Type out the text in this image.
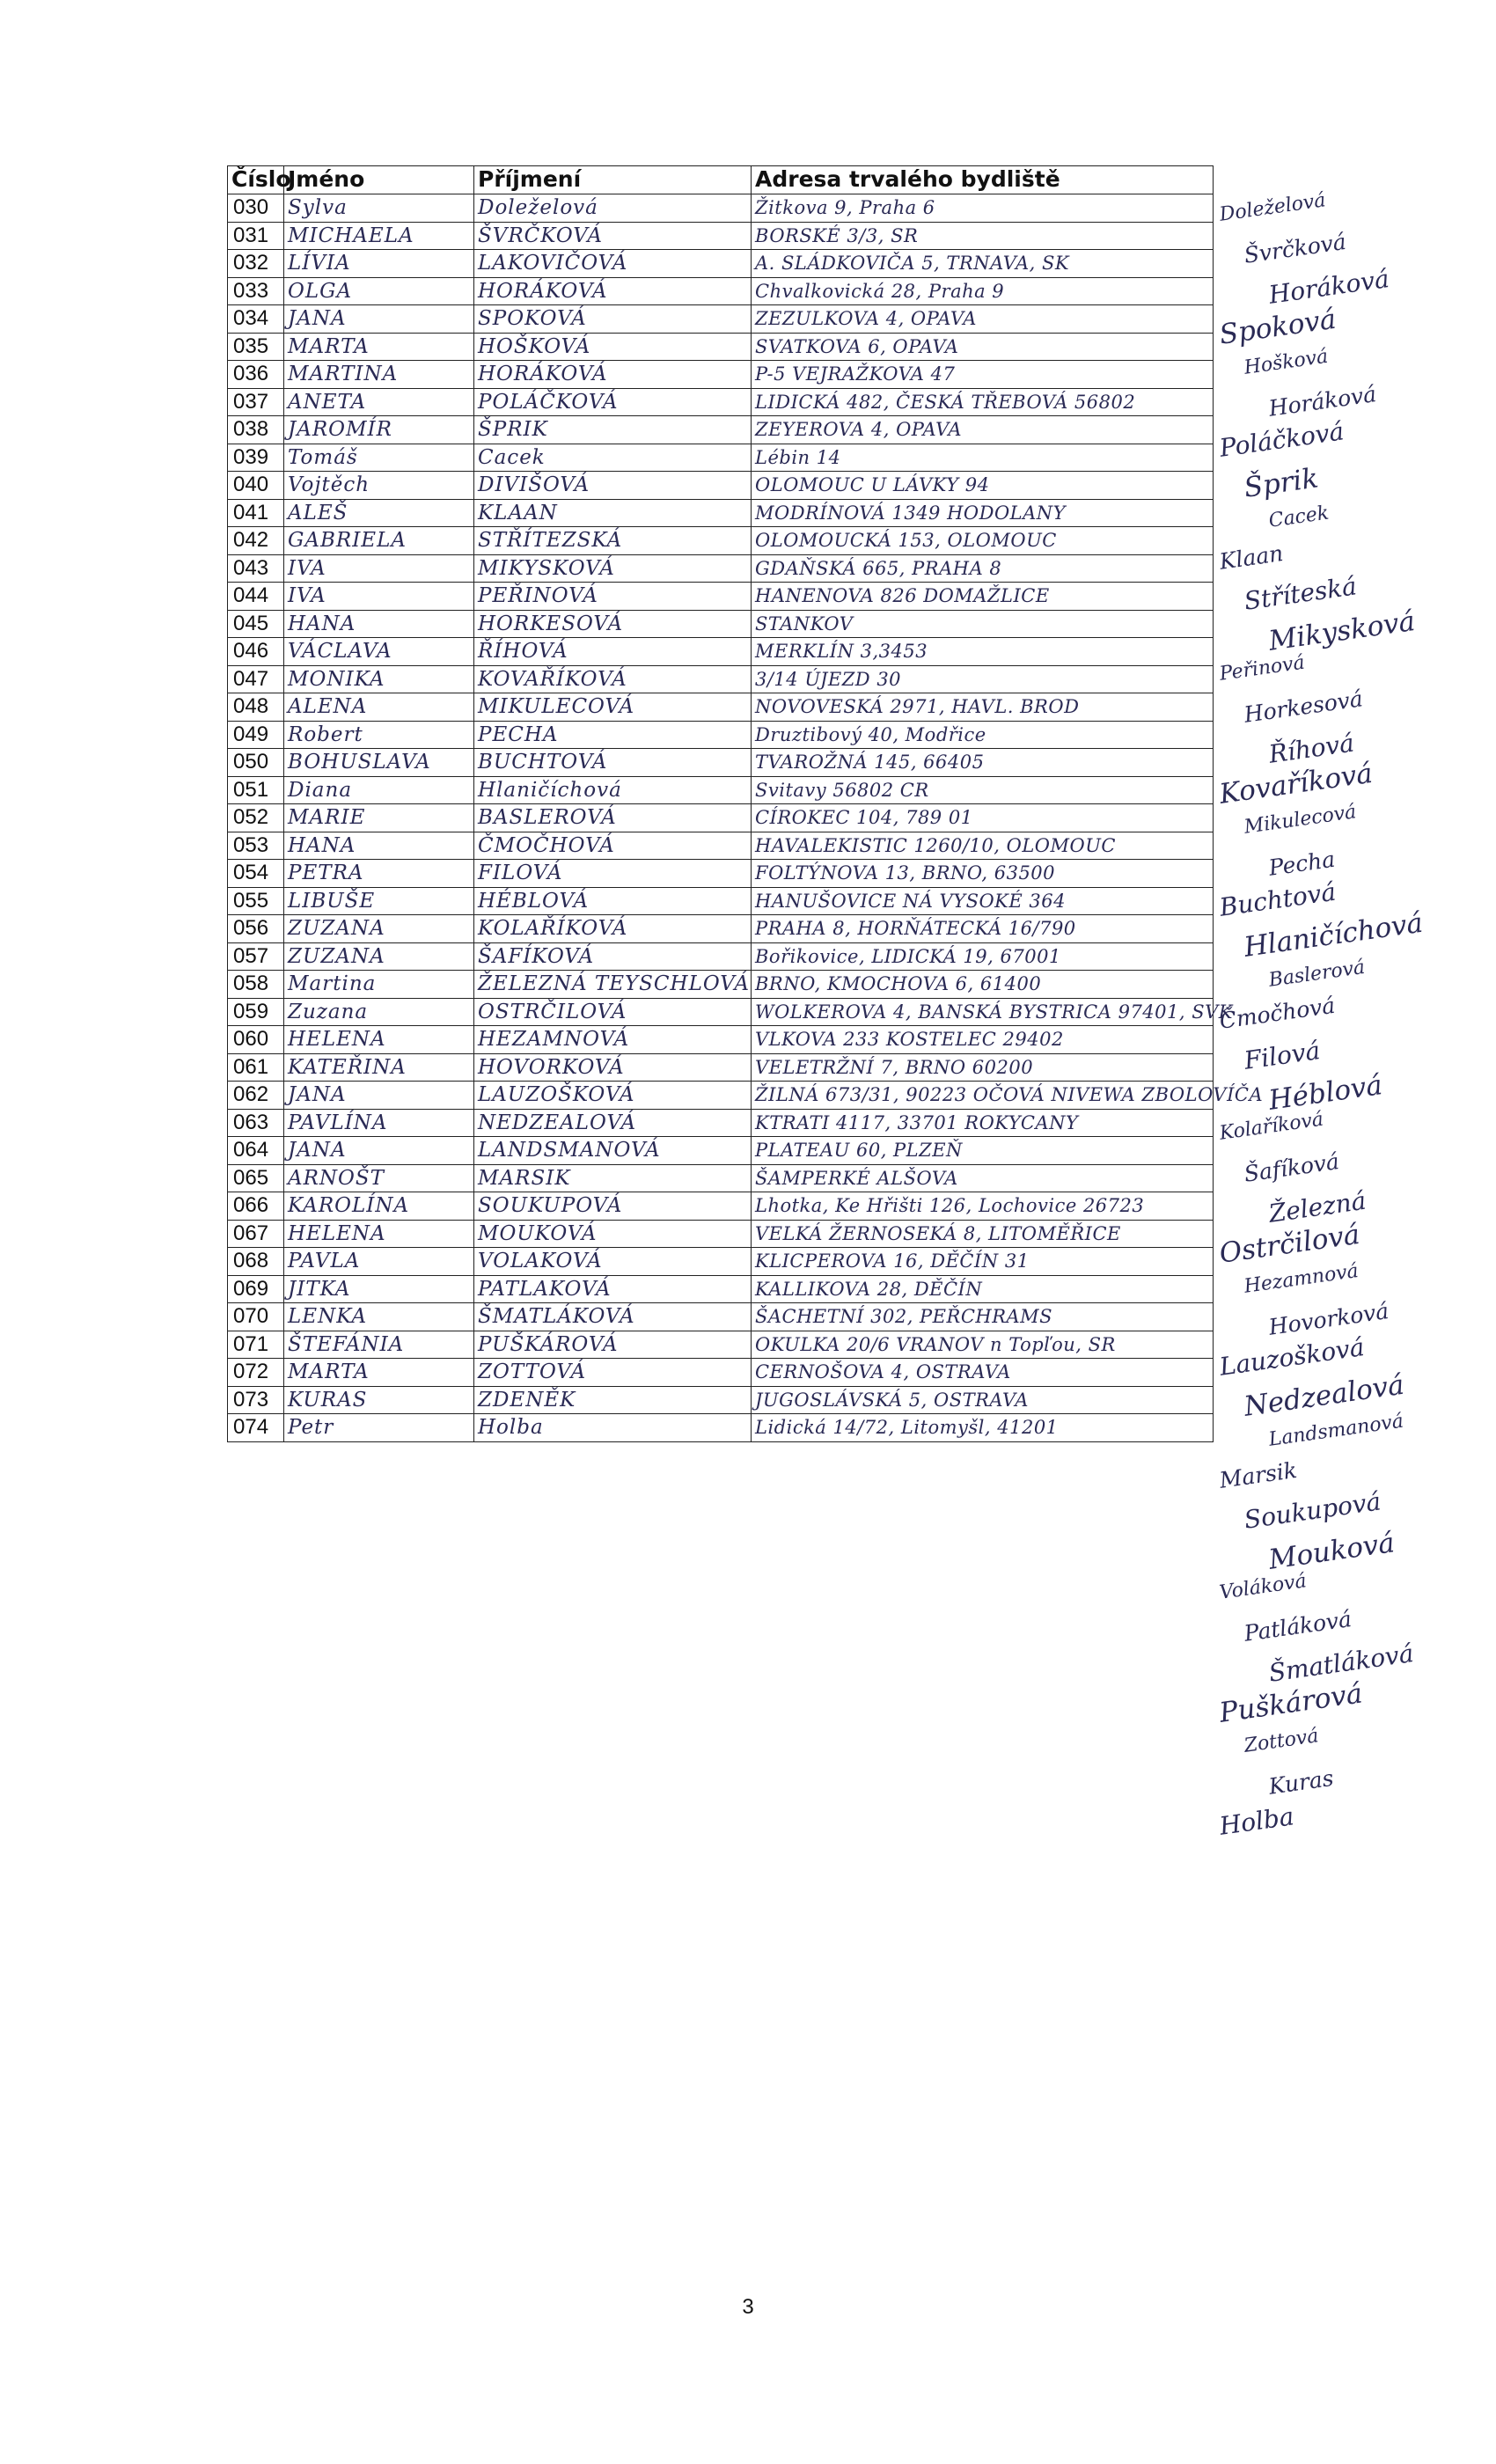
Číslo	Jméno	Příjmení	Adresa trvalého bydliště
030	Sylva	Doleželová	Žitkova 9, Praha 6
031	MICHAELA	ŠVRČKOVÁ	BORSKÉ 3/3, SR
032	LÍVIA	LAKOVIČOVÁ	A. SLÁDKOVIČA 5, TRNAVA, SK
033	OLGA	HORÁKOVÁ	Chvalkovická 28, Praha 9
034	JANA	SPOKOVÁ	ZEZULKOVA 4, OPAVA
035	MARTA	HOŠKOVÁ	SVATKOVA 6, OPAVA
036	MARTINA	HORÁKOVÁ	P-5 VEJRAŽKOVA 47
037	ANETA	POLÁČKOVÁ	LIDICKÁ 482, ČESKÁ TŘEBOVÁ 56802
038	JAROMÍR	ŠPRIK	ZEYEROVA 4, OPAVA
039	Tomáš	Cacek	Lébin 14
040	Vojtěch	DIVIŠOVÁ	OLOMOUC U LÁVKY 94
041	ALEŠ	KLAAN	MODRÍNOVÁ 1349 HODOLANY
042	GABRIELA	STŘÍTEZSKÁ	OLOMOUCKÁ 153, OLOMOUC
043	IVA	MIKYSKOVÁ	GDAŇSKÁ 665, PRAHA 8
044	IVA	PEŘINOVÁ	HANENOVA 826 DOMAŽLICE
045	HANA	HORKESOVÁ	STANKOV
046	VÁCLAVA	ŘÍHOVÁ	MERKLÍN 3,3453
047	MONIKA	KOVAŘÍKOVÁ	3/14 ÚJEZD 30
048	ALENA	MIKULECOVÁ	NOVOVESKÁ 2971, HAVL. BROD
049	Robert	PECHA	Druztibový 40, Modřice
050	BOHUSLAVA	BUCHTOVÁ	TVAROŽNÁ 145, 66405
051	Diana	Hlaničíchová	Svitavy 56802 CR
052	MARIE	BASLEROVÁ	CÍROKEC 104, 789 01
053	HANA	ČMOČHOVÁ	HAVALEKISTIC 1260/10, OLOMOUC
054	PETRA	FILOVÁ	FOLTÝNOVA 13, BRNO, 63500
055	LIBUŠE	HÉBLOVÁ	HANUŠOVICE NÁ VYSOKÉ 364
056	ZUZANA	KOLAŘÍKOVÁ	PRAHA 8, HORŇÁTECKÁ 16/790
057	ZUZANA	ŠAFÍKOVÁ	Bořikovice, LIDICKÁ 19, 67001
058	Martina	ŽELEZNÁ TEYSCHLOVÁ	BRNO, KMOCHOVA 6, 61400
059	Zuzana	OSTRČILOVÁ	WOLKEROVA 4, BANSKÁ BYSTRICA 97401, SVK
060	HELENA	HEZAMNOVÁ	VLKOVA 233 KOSTELEC 29402
061	KATEŘINA	HOVORKOVÁ	VELETRŽNÍ 7, BRNO 60200
062	JANA	LAUZOŠKOVÁ	ŽILNÁ 673/31, 90223 OČOVÁ NIVEWA ZBOLOVÍČA
063	PAVLÍNA	NEDZEALOVÁ	KTRATI 4117, 33701 ROKYCANY
064	JANA	LANDSMANOVÁ	PLATEAU 60, PLZEŇ
065	ARNOŠT	MARSIK	ŠAMPERKÉ ALŠOVA
066	KAROLÍNA	SOUKUPOVÁ	Lhotka, Ke Hřišti 126, Lochovice 26723
067	HELENA	MOUKOVÁ	VELKÁ ŽERNOSEKÁ 8, LITOMĚŘICE
068	PAVLA	VOLAKOVÁ	KLICPEROVA 16, DĚČÍN 31
069	JITKA	PATLAKOVÁ	KALLIKOVA 28, DĚČÍN
070	LENKA	ŠMATLÁKOVÁ	ŠACHETNÍ 302, PEŘCHRAMS
071	ŠTEFÁNIA	PUŠKÁROVÁ	OKULKA 20/6 VRANOV n Topľou, SR
072	MARTA	ZOTTOVÁ	CERNOŠOVA 4, OSTRAVA
073	KURAS	ZDENĚK	JUGOSLÁVSKÁ 5, OSTRAVA
074	Petr	Holba	Lidická 14/72, Litomyšl, 41201
Doleželová
Švrčková
Horáková
Spoková
Hošková
Horáková
Poláčková
Šprik
Cacek
Klaan
Stříteská
Mikysková
Peřinová
Horkesová
Říhová
Kovaříková
Mikulecová
Pecha
Buchtová
Hlaničíchová
Baslerová
Čmočhová
Filová
Héblová
Kolaříková
Šafíková
Železná
Ostrčilová
Hezamnová
Hovorková
Lauzošková
Nedzealová
Landsmanová
Marsik
Soukupová
Mouková
Voláková
Patláková
Šmatláková
Puškárová
Zottová
Kuras
Holba
3
